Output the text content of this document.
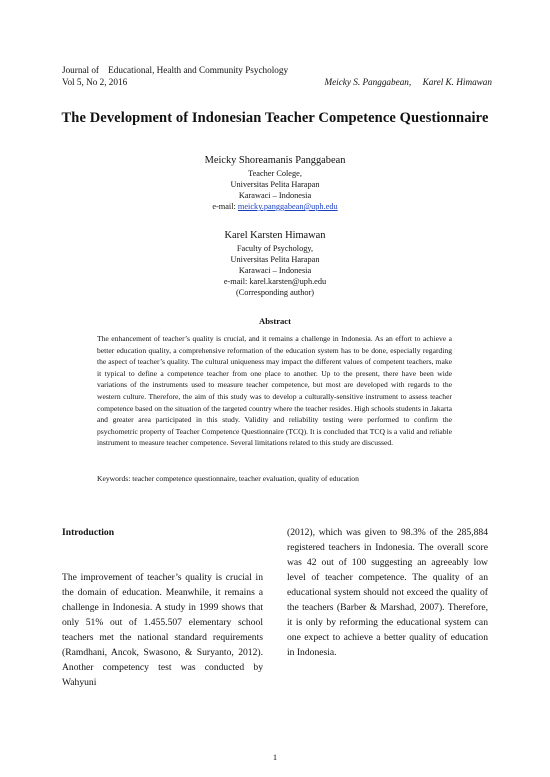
Journal of    Educational, Health and Community Psychology
Vol 5, No 2, 2016	Meicky S. Panggabean,     Karel K. Himawan
The Development of Indonesian Teacher Competence Questionnaire
Meicky Shoreamanis Panggabean
Teacher Colege,
Universitas Pelita Harapan
Karawaci – Indonesia
e-mail: meicky.panggabean@uph.edu
Karel Karsten Himawan
Faculty of Psychology,
Universitas Pelita Harapan
Karawaci – Indonesia
e-mail: karel.karsten@uph.edu
(Corresponding author)
Abstract
The enhancement of teacher’s quality is crucial, and it remains a challenge in Indonesia. As an effort to achieve a better education quality, a comprehensive reformation of the education system has to be done, especially regarding the aspect of teacher’s quality. The cultural uniqueness may impact the different values of competent teachers, make it typical to define a competence teacher from one place to another. Up to the present, there have been wide variations of the instruments used to measure teacher competence, but most are developed with regards to the western culture. Therefore, the aim of this study was to develop a culturally-sensitive instrument to assess teacher competence based on the situation of the targeted country where the teacher resides. High schools students in Jakarta and greater area participated in this study. Validity and reliability testing were performed to confirm the psychometric property of Teacher Competence Questionnaire (TCQ). It is concluded that TCQ is a valid and reliable instrument to measure teacher competence. Several limitations related to this study are discussed.
Keywords: teacher competence questionnaire, teacher evaluation, quality of education
Introduction

The improvement of teacher’s quality is crucial in the domain of education. Meanwhile, it remains a challenge in Indonesia. A study in 1999 shows that only 51% out of 1.455.507 elementary school teachers met the national standard requirements (Ramdhani, Ancok, Swasono, & Suryanto, 2012). Another competency test was conducted by Wahyuni

(2012), which was given to 98.3% of the 285,884 registered teachers in Indonesia. The overall score was 42 out of 100 suggesting an agreeably low level of teacher competence. The quality of an educational system should not exceed the quality of the teachers (Barber & Marshad, 2007). Therefore, it is only by reforming the educational system can one expect to achieve a better quality of education in Indonesia.

1
